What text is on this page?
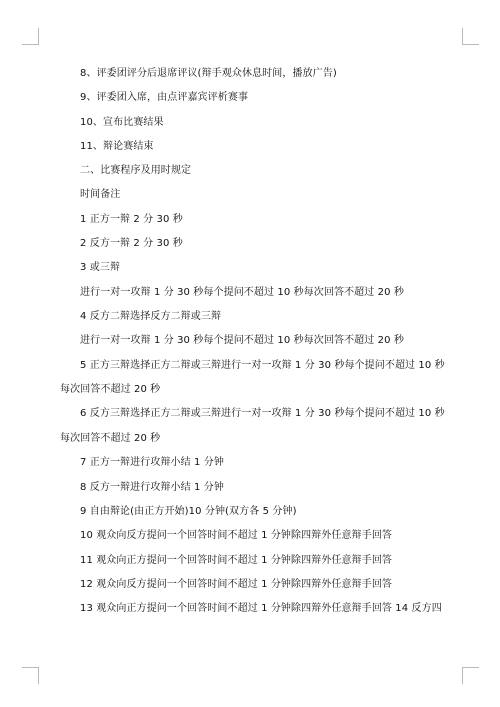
8、评委团评分后退席评议(辩手观众休息时间，播放广告)
9、评委团入席，由点评嘉宾评析赛事
10、宣布比赛结果
11、辩论赛结束
二、比赛程序及用时规定
时间备注
1 正方一辩 2 分 30 秒
2 反方一辩 2 分 30 秒
3 或三辩
进行一对一攻辩 1 分 30 秒每个提问不超过 10 秒每次回答不超过 20 秒
4 反方二辩选择反方二辩或三辩
进行一对一攻辩 1 分 30 秒每个提问不超过 10 秒每次回答不超过 20 秒
5 正方三辩选择正方二辩或三辩进行一对一攻辩 1 分 30 秒每个提问不超过 10 秒每次回答不超过 20 秒
6 反方三辩选择正方二辩或三辩进行一对一攻辩 1 分 30 秒每个提问不超过 10 秒每次回答不超过 20 秒
7 正方一辩进行攻辩小结 1 分钟
8 反方一辩进行攻辩小结 1 分钟
9 自由辩论(由正方开始)10 分钟(双方各 5 分钟)
10 观众向反方提问一个回答时间不超过 1 分钟除四辩外任意辩手回答
11 观众向正方提问一个回答时间不超过 1 分钟除四辩外任意辩手回答
12 观众向反方提问一个回答时间不超过 1 分钟除四辩外任意辩手回答
13 观众向正方提问一个回答时间不超过 1 分钟除四辩外任意辩手回答 14 反方四
